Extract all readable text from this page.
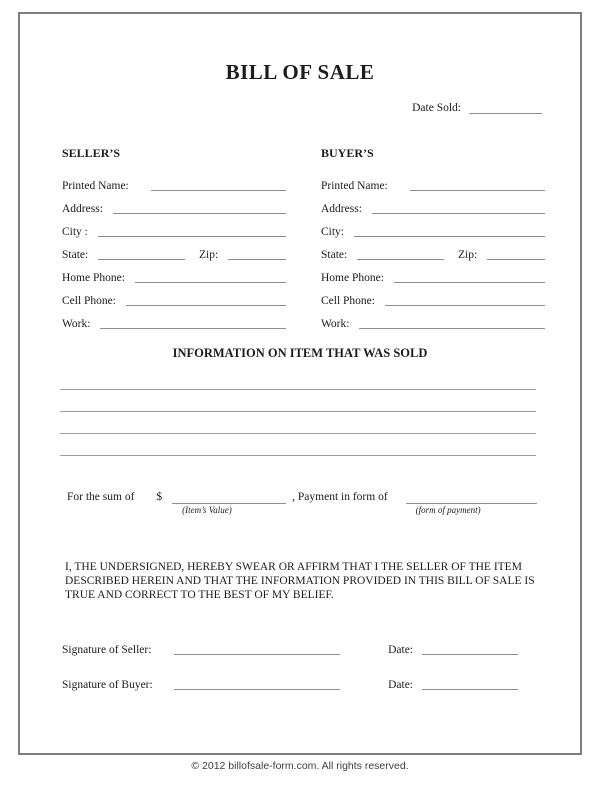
BILL OF SALE
Date Sold:
SELLER’S
Printed Name:
Address:
City :
State:	Zip:
Home Phone:
Cell Phone:
Work:
BUYER’S
Printed Name:
Address:
City:
State:	Zip:
Home Phone:
Cell Phone:
Work:
INFORMATION ON ITEM THAT WAS SOLD
For the sum of $
(Item’s Value)
, Payment in form of
(form of payment)

I, THE UNDERSIGNED, HEREBY SWEAR OR AFFIRM THAT I THE SELLER OF THE ITEM DESCRIBED HEREIN AND THAT THE INFORMATION PROVIDED IN THIS BILL OF SALE IS TRUE AND CORRECT TO THE BEST OF MY BELIEF.

Signature of Seller:	Date:
Signature of Buyer:	Date:
© 2012 billofsale-form.com. All rights reserved.
